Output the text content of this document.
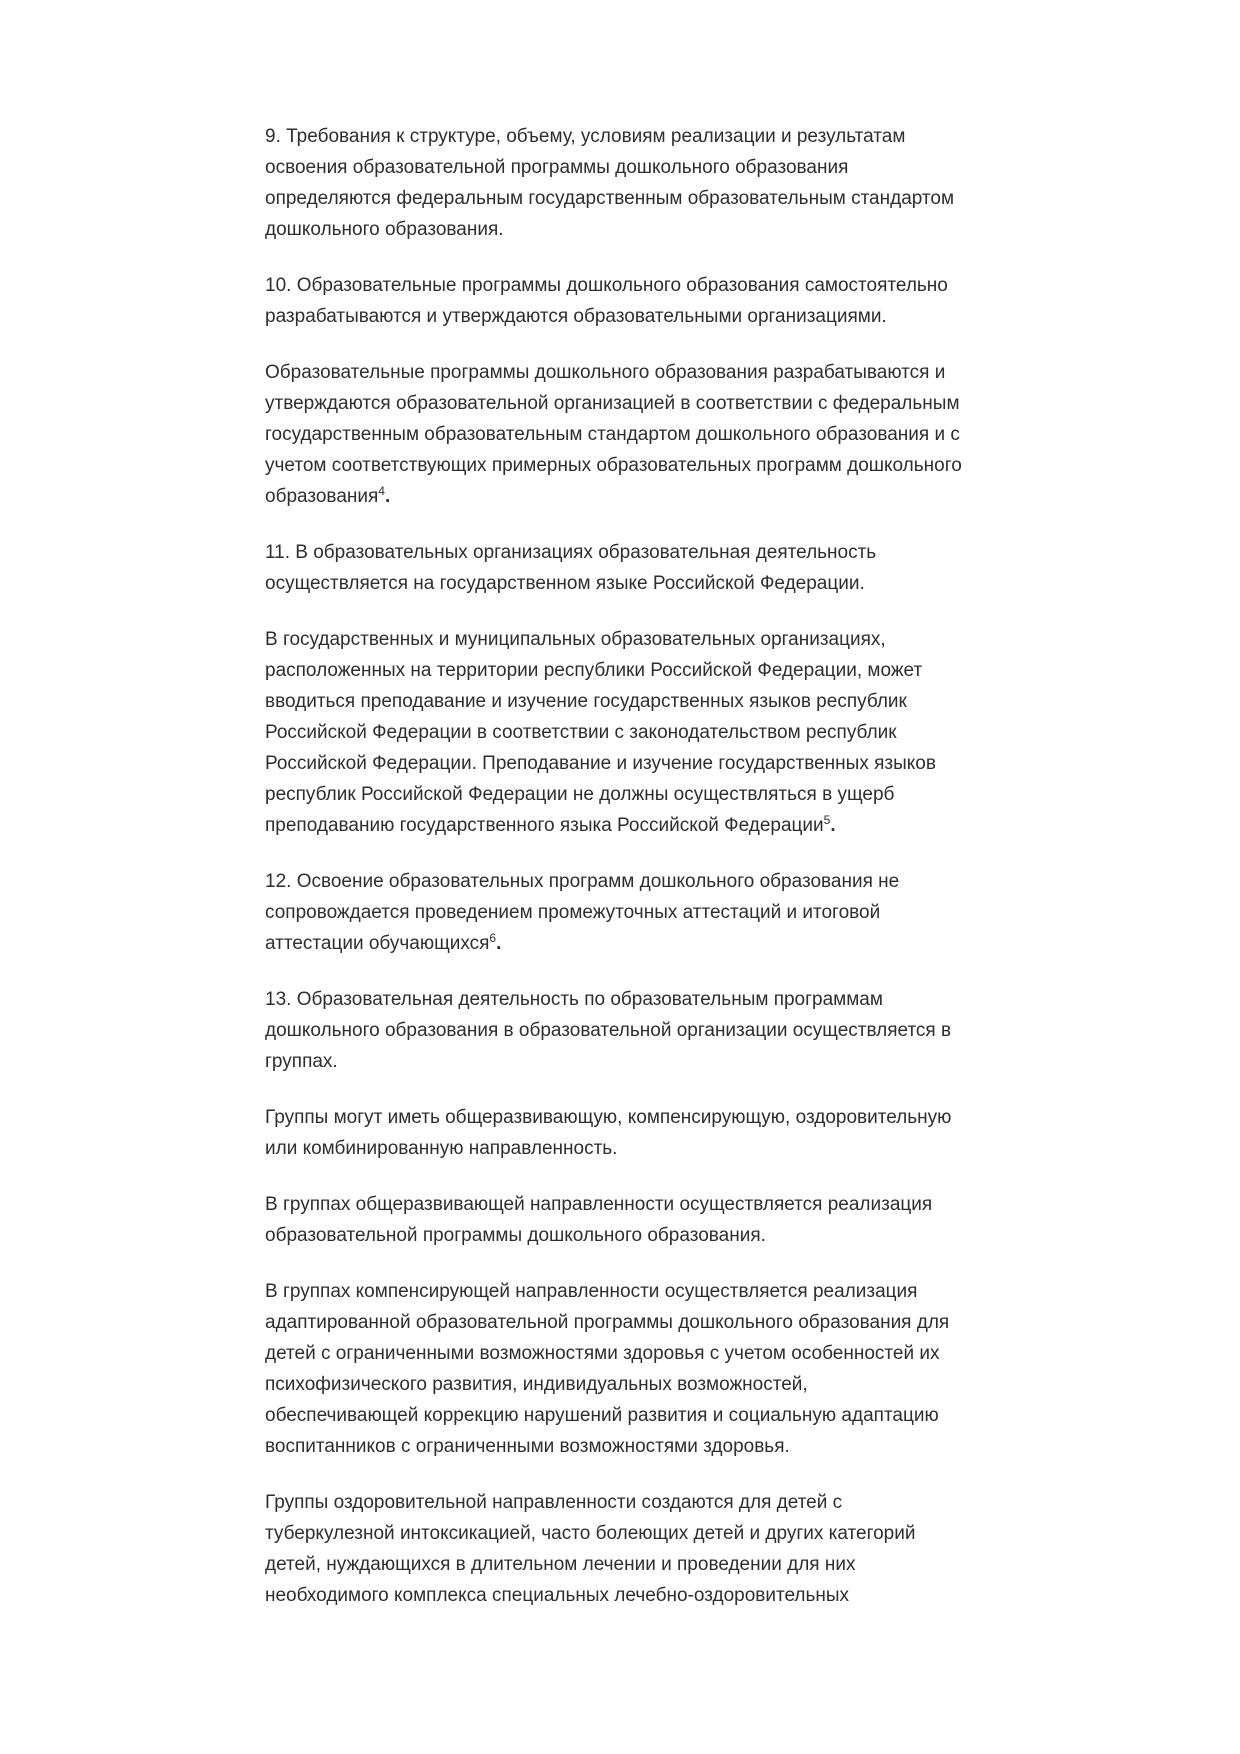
9. Требования к структуре, объему, условиям реализации и результатам
освоения образовательной программы дошкольного образования
определяются федеральным государственным образовательным стандартом
дошкольного образования.

10. Образовательные программы дошкольного образования самостоятельно
разрабатываются и утверждаются образовательными организациями.

Образовательные программы дошкольного образования разрабатываются и
утверждаются образовательной организацией в соответствии с федеральным
государственным образовательным стандартом дошкольного образования и с
учетом соответствующих примерных образовательных программ дошкольного
образования$^4$.

11. В образовательных организациях образовательная деятельность
осуществляется на государственном языке Российской Федерации.

В государственных и муниципальных образовательных организациях,
расположенных на территории республики Российской Федерации, может
вводиться преподавание и изучение государственных языков республик
Российской Федерации в соответствии с законодательством республик
Российской Федерации. Преподавание и изучение государственных языков
республик Российской Федерации не должны осуществляться в ущерб
преподаванию государственного языка Российской Федерации$^5$.

12. Освоение образовательных программ дошкольного образования не
сопровождается проведением промежуточных аттестаций и итоговой
аттестации обучающихся$^6$.

13. Образовательная деятельность по образовательным программам
дошкольного образования в образовательной организации осуществляется в
группах.

Группы могут иметь общеразвивающую, компенсирующую, оздоровительную
или комбинированную направленность.

В группах общеразвивающей направленности осуществляется реализация
образовательной программы дошкольного образования.

В группах компенсирующей направленности осуществляется реализация
адаптированной образовательной программы дошкольного образования для
детей с ограниченными возможностями здоровья с учетом особенностей их
психофизического развития, индивидуальных возможностей,
обеспечивающей коррекцию нарушений развития и социальную адаптацию
воспитанников с ограниченными возможностями здоровья.

Группы оздоровительной направленности создаются для детей с
туберкулезной интоксикацией, часто болеющих детей и других категорий
детей, нуждающихся в длительном лечении и проведении для них
необходимого комплекса специальных лечебно-оздоровительных
